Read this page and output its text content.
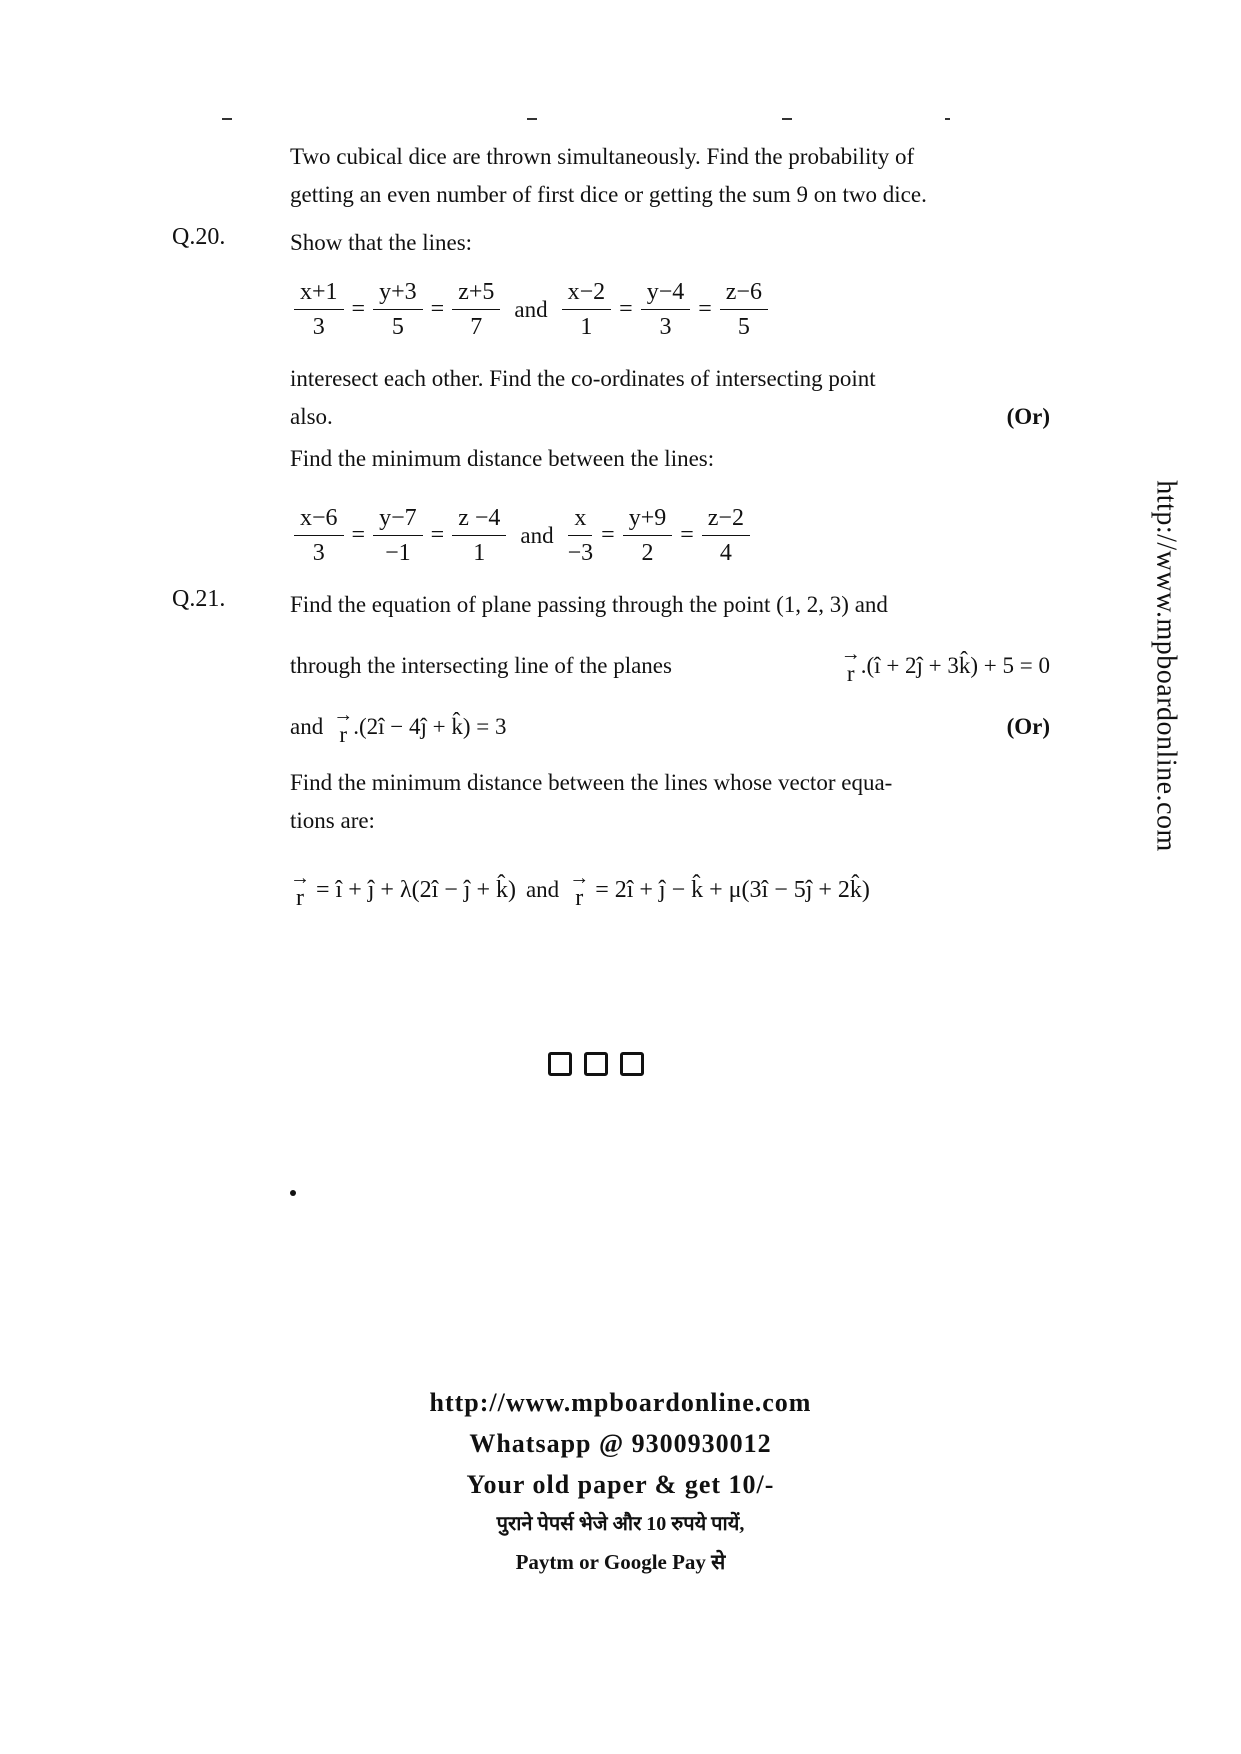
http://www.mpboardonline.com
Two cubical dice are thrown simultaneously. Find the probability of
getting an even number of first dice or getting the sum 9 on two dice.
Q.20.	Show that the lines:
$\frac{x+1}{3} = \frac{y+3}{5} = \frac{z+5}{7}$ and $\frac{x-2}{1} = \frac{y-4}{3} = \frac{z-6}{5}$
interesect each other. Find the co-ordinates of intersecting point
also.	(Or)
Find the minimum distance between the lines:
$\frac{x-6}{3} = \frac{y-7}{-1} = \frac{z -4}{1}$ and $\frac{x}{-3} = \frac{y+9}{2} = \frac{z-2}{4}$
Q.21.	Find the equation of plane passing through the point (1, 2, 3) and
through the intersecting line of the planes	→
r .(î + 2ĵ + 3k̂) + 5 = 0
and →
r .(2î − 4ĵ + k̂) = 3	(Or)
Find the minimum distance between the lines whose vector equa-
tions are:
→
r = î + ĵ + λ(2î − ĵ + k̂) and →
r = 2î + ĵ − k̂ + μ(3î − 5ĵ + 2k̂)
http://www.mpboardonline.com
Whatsapp @ 9300930012
Your old paper & get 10/-
पुराने पेपर्स भेजे और 10 रुपये पायें,
Paytm or Google Pay से
